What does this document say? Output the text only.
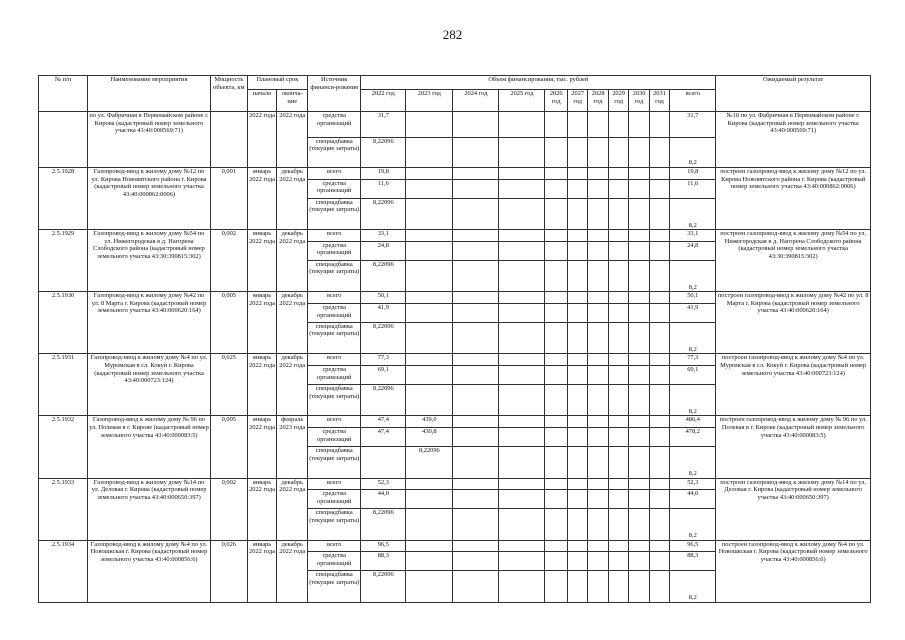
282
№ п/п	Наименование мероприятия	Мощность объекта, км	Плановый срок		Источник финанси-рования	Объем финансирования, тыс. рублей											Ожидаемый результат
			начало	оконча-ние		2022 год	2023 год	2024 год	2025 год	2026 год	2027 год	2028 год	2029 год	2030 год	2031 год	всего	
	по ул. Фабричная в Первомайском районе г. Кирова (кадастровый номер земельного участка 43:40:000569:71)		2022 года	2022 года	средства организаций	31,7										31,7	№10 по ул. Фабричная в Первомайском районе г. Кирова (кадастровый номер земельного участка 43:40:000569:71)
					спецнадбавка (текущие затраты)	8,22096										8,2	
2.5.1928	Газопровод-ввод к жилому дому №12 по ул. Кирова Нововятского района г. Кирова (кадастровый номер земельного участка 43:40:000862:0006)	0,001	январь 2022 года	декабрь 2022 года	всего	19,8										19,8	построен газопровод-ввод к жилому дому №12 по ул. Кирова Нововятского района г. Кирова (кадастровый номер земельного участка 43:40:000862:0006)
					средства организаций	11,6										11,6	
					спецнадбавка (текущие затраты)	8,22096										8,2	
2.5.1929	Газопровод-ввод к жилому дому №54 по ул. Нижегородская в д. Нагорена Слободского района (кадастровый номер земельного участка 43:30:390815:302)	0,002	январь 2022 года	декабрь 2022 года	всего	33,1										33,1	построен газопровод-ввод к жилому дому №54 по ул. Нижегородская в д. Нагорена Слободского района (кадастровый номер земельного участка 43:30:390815:302)
					средства организаций	24,8										24,8	
					спецнадбавка (текущие затраты)	8,22096										8,2	
2.5.1930	Газопровод-ввод к жилому дому №42 по ул. 8 Марта г. Кирова (кадастровый номер земельного участка 43:40:000620:164)	0,005	январь 2022 года	декабрь 2022 года	всего	50,1										50,1	построен газопровод-ввод к жилому дому №42 по ул. 8 Марта г. Кирова (кадастровый номер земельного участка 43:40:000620:164)
					средства организаций	41,9										41,9	
					спецнадбавка (текущие затраты)	8,22096										8,2	
2.5.1931	Газопровод-ввод к жилому дому №4 по ул. Муромская в сл. Кокуй г. Кирова (кадастровый номер земельного участка 43:40:000723:124)	0,025	январь 2022 года	декабрь 2022 года	всего	77,3										77,3	построен газопровод-ввод к жилому дому №4 по ул. Муромская в сл. Кокуй г. Кирова (кадастровый номер земельного участка 43:40:000723:124)
					средства организаций	69,1										69,1	
					спецнадбавка (текущие затраты)	8,22096										8,2	
2.5.1932	Газопровод-ввод к жилому дому № 96 по ул. Полевая в г. Кирове (кадастровый номер земельного участка 43:40:000083:5)	0,005	январь 2022 года	февраль 2023 года	всего	47,4	439,0									486,4	построен газопровод-ввод к жилому дому № 96 по ул. Полевая в г. Кирове (кадастровый номер земельного участка 43:40:000083:5)
					средства организаций	47,4	430,8									478,2	
					спецнадбавка (текущие затраты)		8,22096									8,2	
2.5.1933	Газопровод-ввод к жилому дому №14 по ул. Деловая г. Кирова (кадастровый номер земельного участка 43:40:000650:397)	0,002	январь 2022 года	декабрь 2022 года	всего	52,3										52,3	построен газопровод-ввод к жилому дому №14 по ул. Деловая г. Кирова (кадастровый номер земельного участка 43:40:000650:397)
					средства организаций	44,0										44,0	
					спецнадбавка (текущие затраты)	8,22096										8,2	
2.5.1934	Газопровод-ввод к жилому дому №4 по ул. Новошкская г. Кирова (кадастровый номер земельного участка 43:40:000856:6)	0,026	январь 2022 года	декабрь 2022 года	всего	96,5										96,5	построен газопровод-ввод к жилому дому №4 по ул. Новошкская г. Кирова (кадастровый номер земельного участка 43:40:000856:6)
					средства организаций	88,3										88,3	
					спецнадбавка (текущие затраты)	8,22096										8,2	
